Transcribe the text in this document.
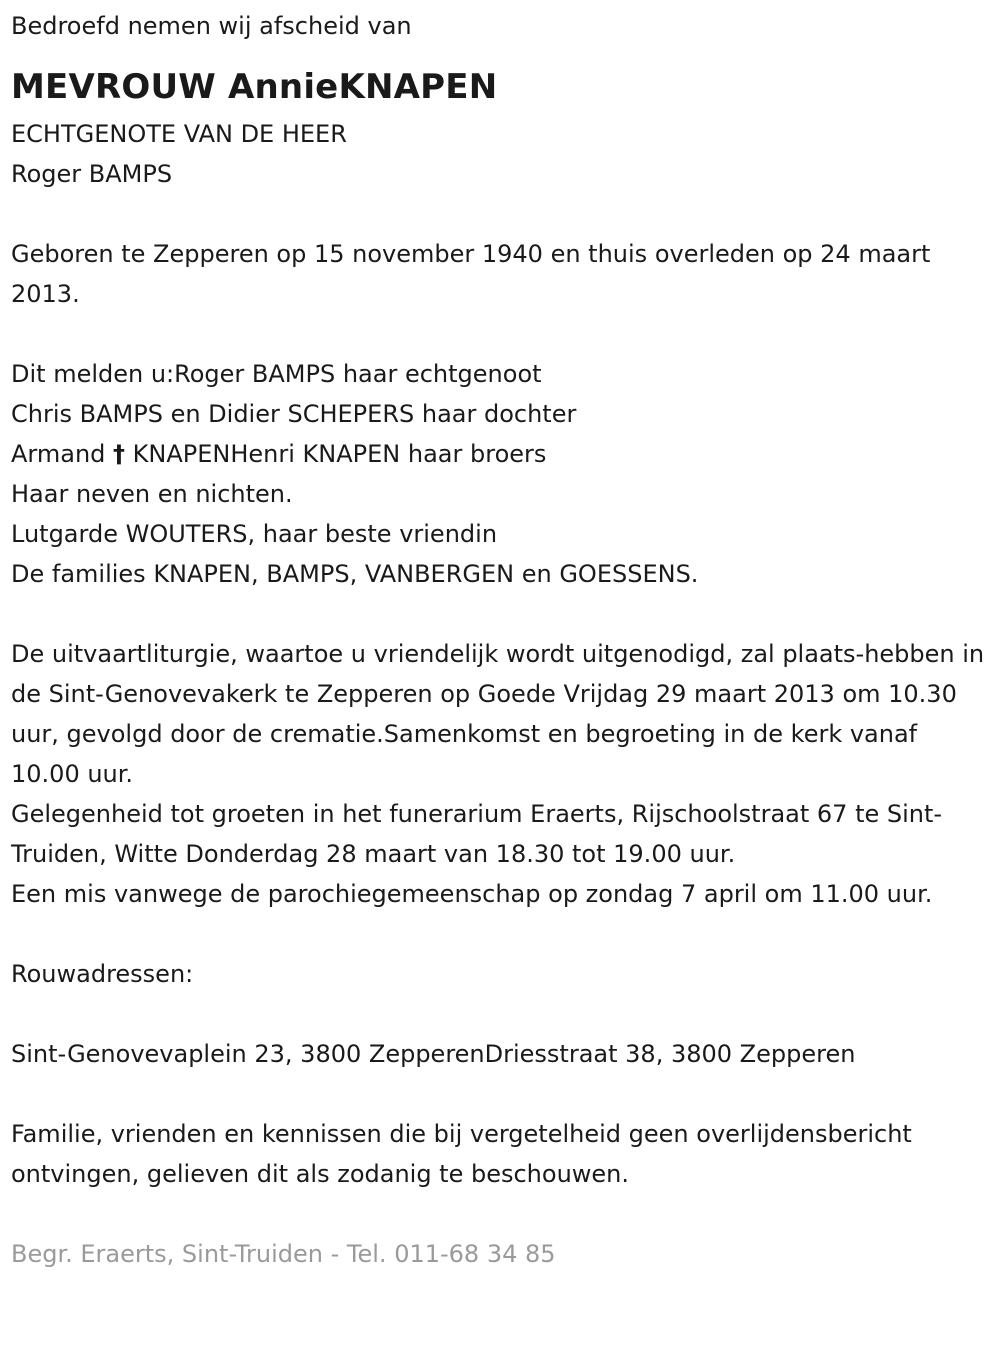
Bedroefd nemen wij afscheid van

MEVROUW AnnieKNAPEN

ECHTGENOTE VAN DE HEER

Roger BAMPS

Geboren te Zepperen op 15 november 1940 en thuis overleden op 24 maart 2013.

Dit melden u:Roger BAMPS haar echtgenoot

Chris BAMPS en Didier SCHEPERS haar dochter

Armand † KNAPENHenri KNAPEN haar broers

Haar neven en nichten.

Lutgarde WOUTERS, haar beste vriendin

De families KNAPEN, BAMPS, VANBERGEN en GOESSENS.

De uitvaartliturgie, waartoe u vriendelijk wordt uitgenodigd, zal plaats-hebben in de Sint-Genovevakerk te Zepperen op Goede Vrijdag 29 maart 2013 om 10.30 uur, gevolgd door de crematie.Samenkomst en begroeting in de kerk vanaf 10.00 uur.

Gelegenheid tot groeten in het funerarium Eraerts, Rijschoolstraat 67 te Sint-Truiden, Witte Donderdag 28 maart van 18.30 tot 19.00 uur.

Een mis vanwege de parochiegemeenschap op zondag 7 april om 11.00 uur.

Rouwadressen:

Sint-Genovevaplein 23, 3800 ZepperenDriesstraat 38, 3800 Zepperen

Familie, vrienden en kennissen die bij vergetelheid geen overlijdensbericht ontvingen, gelieven dit als zodanig te beschouwen.

Begr. Eraerts, Sint-Truiden - Tel. 011-68 34 85
